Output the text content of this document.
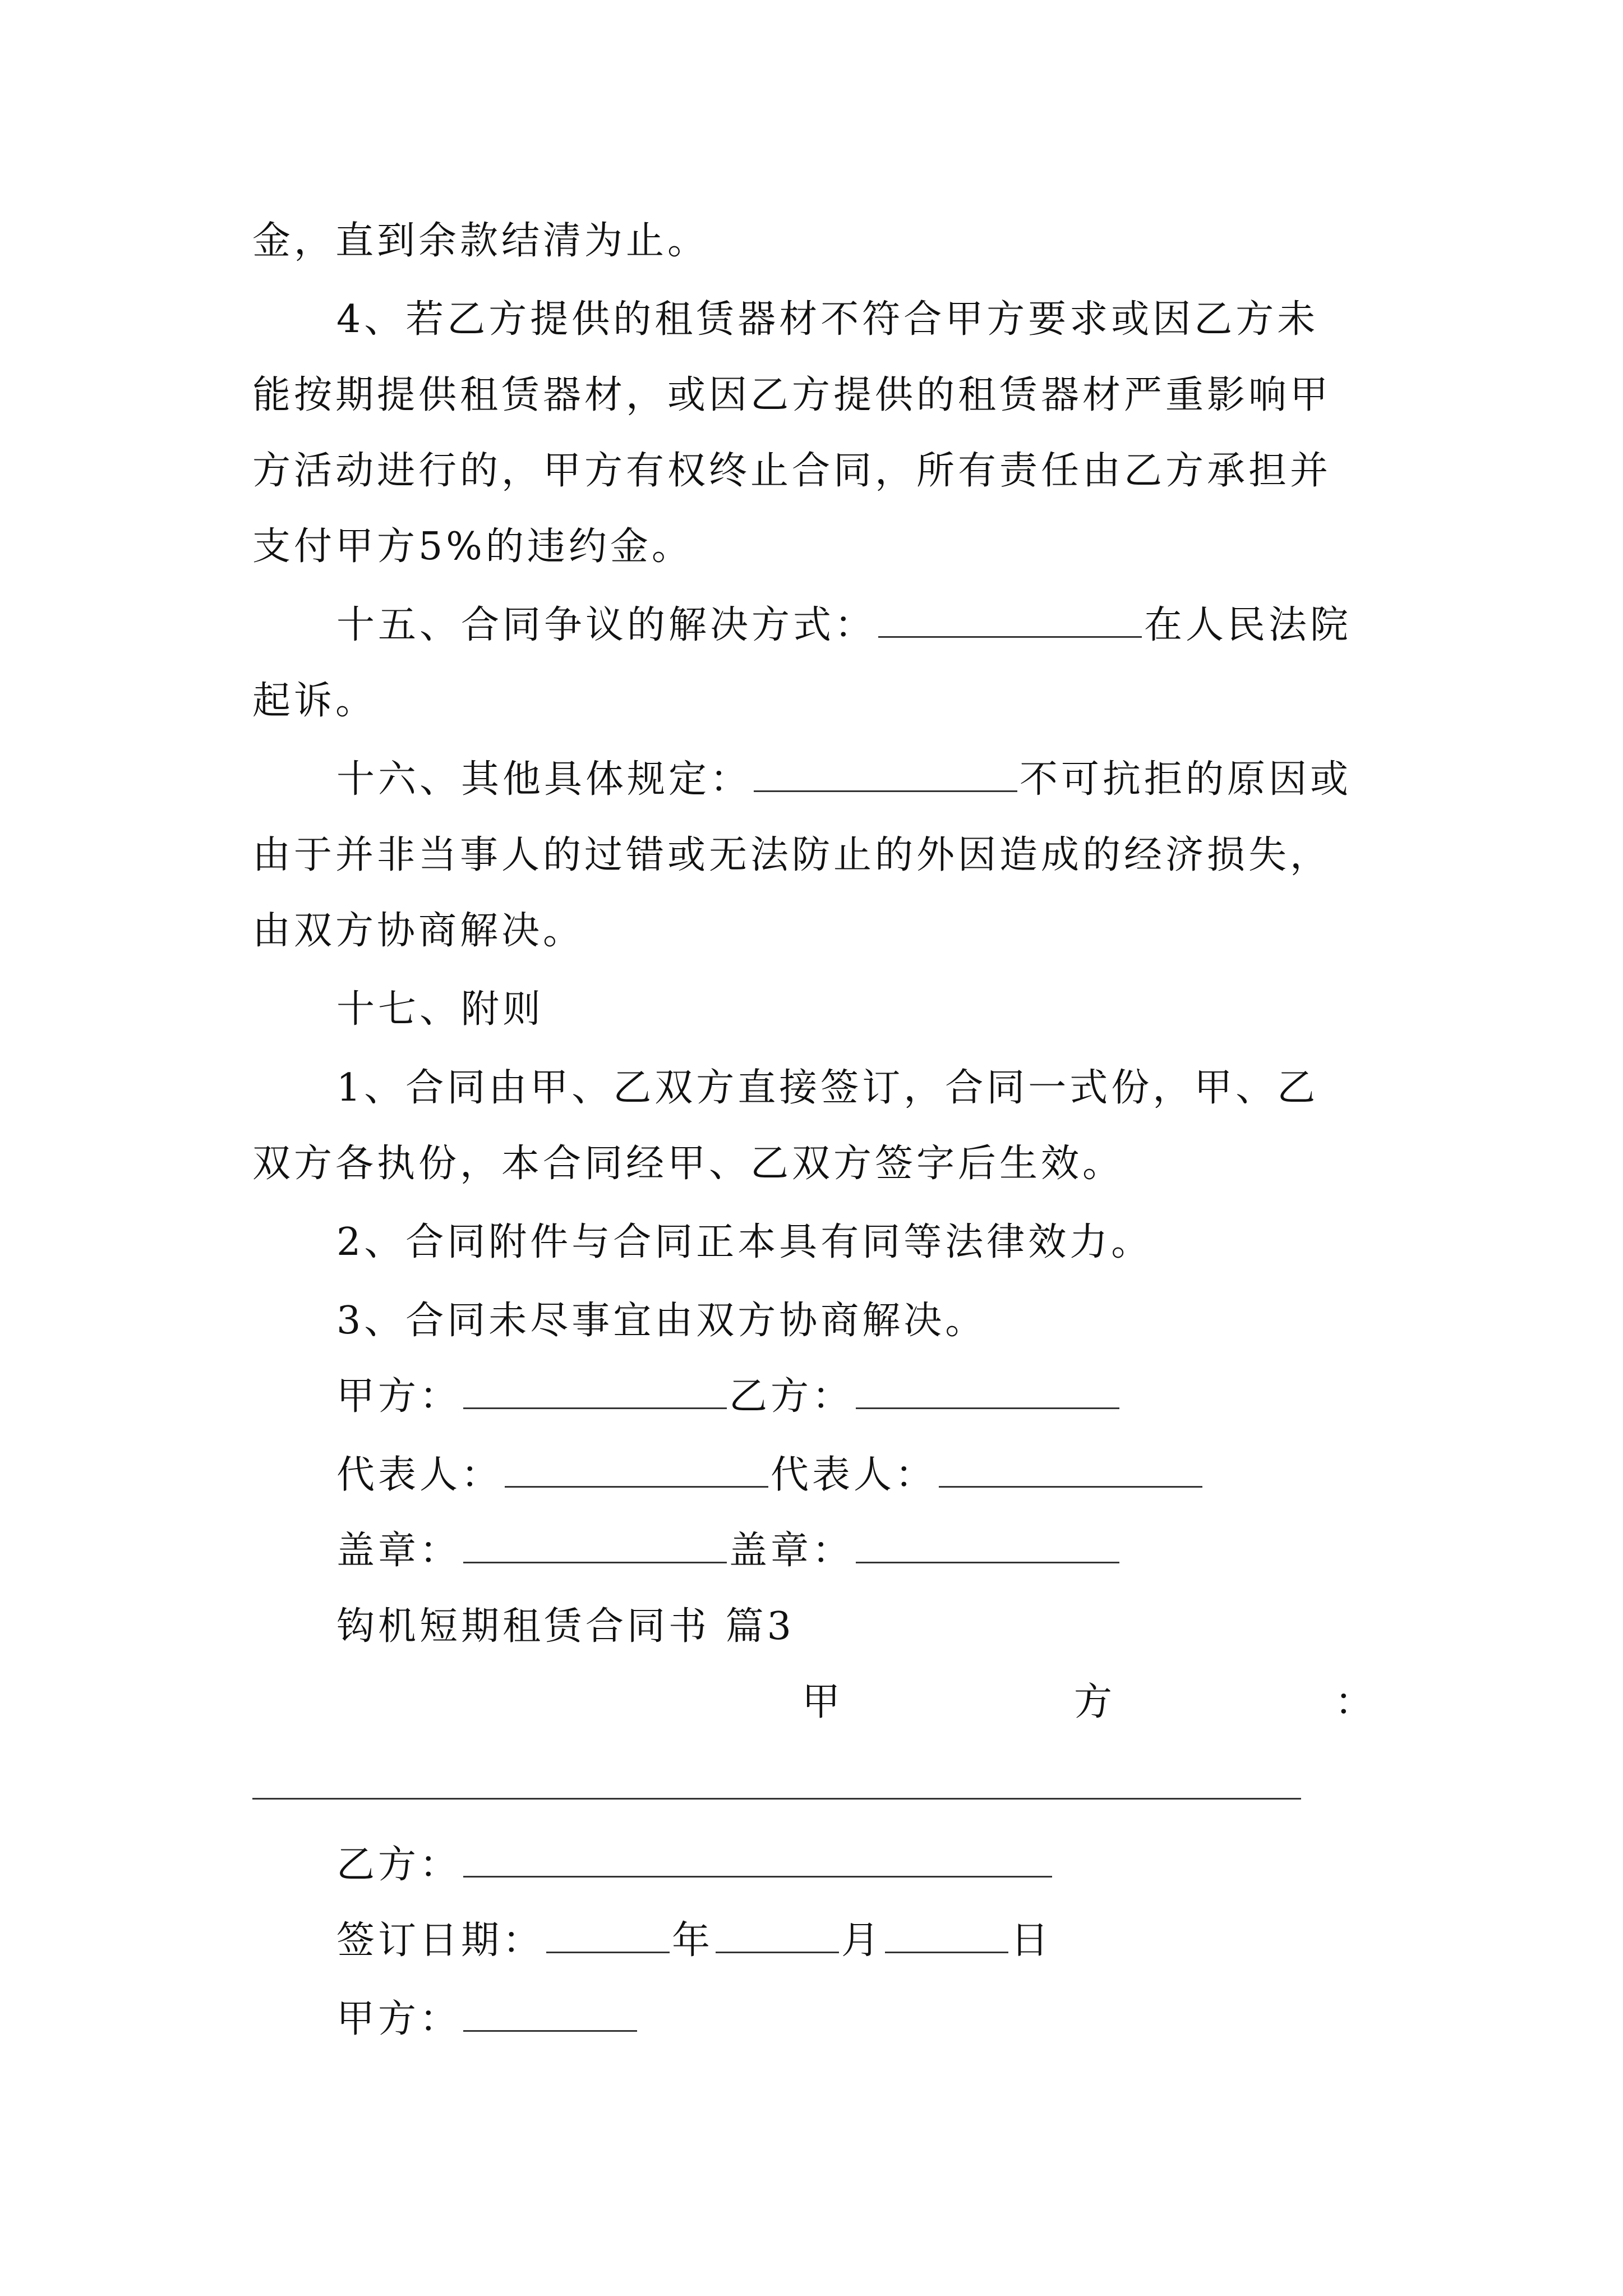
金，直到余款结清为止。
4、若乙方提供的租赁器材不符合甲方要求或因乙方未
能按期提供租赁器材，或因乙方提供的租赁器材严重影响甲
方活动进行的，甲方有权终止合同，所有责任由乙方承担并
支付甲方5%的违约金。
十五、合同争议的解决方式：	在人民法院
起诉。
十六、其他具体规定：	不可抗拒的原因或
由于并非当事人的过错或无法防止的外因造成的经济损失，
由双方协商解决。
十七、附则
1、合同由甲、乙双方直接签订，合同一式份，甲、乙
双方各执份，本合同经甲、乙双方签字后生效。
2、合同附件与合同正本具有同等法律效力。
3、合同未尽事宜由双方协商解决。
甲方：	乙方：
代表人：	代表人：
盖章：	盖章：
钩机短期租赁合同书 篇3
甲	方	：
乙方：
签订日期：	年	月	日
甲方：
